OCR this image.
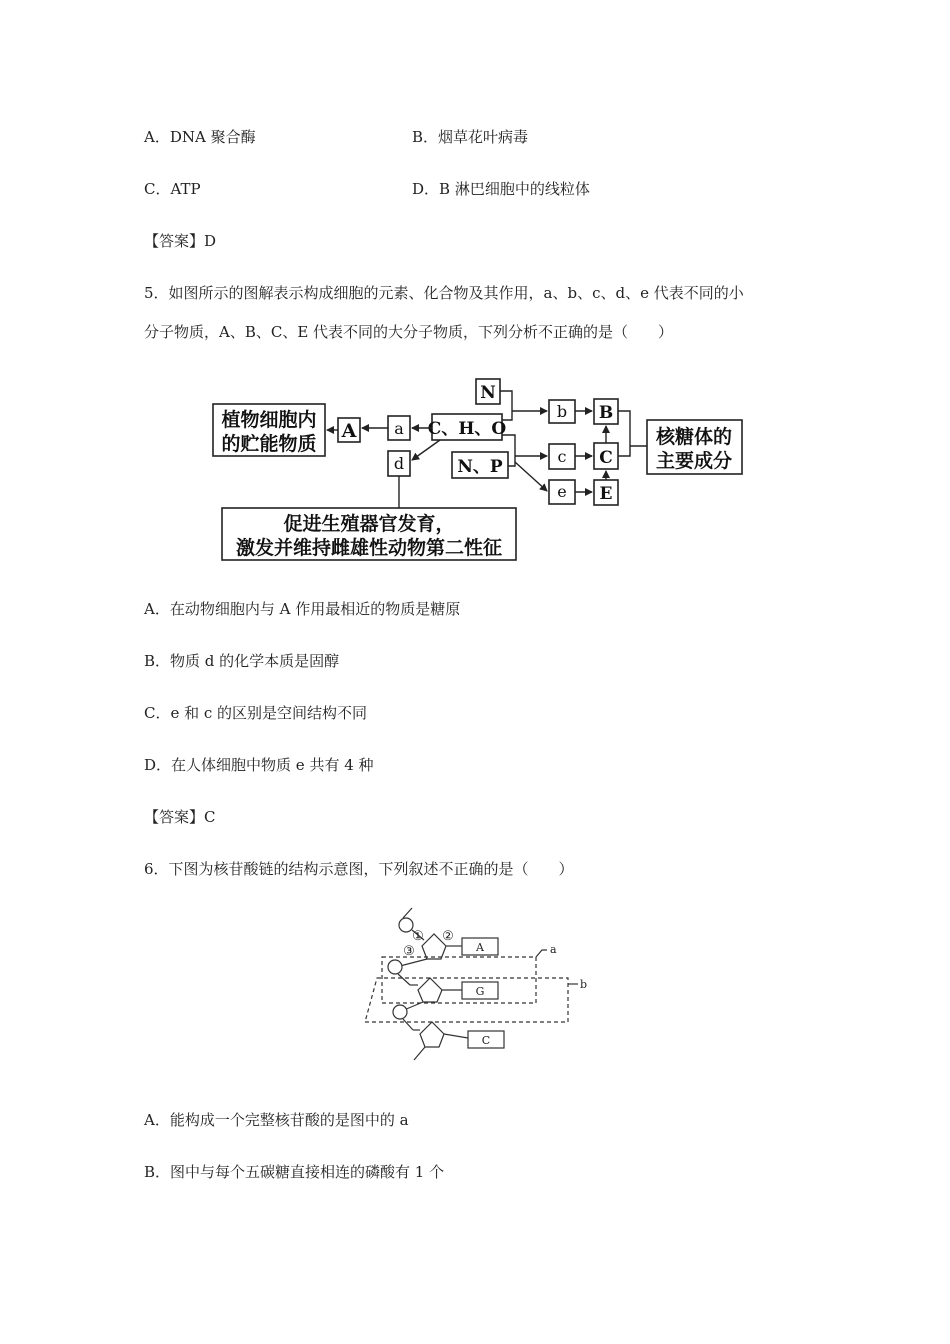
A．DNA 聚合酶	B．烟草花叶病毒
C．ATP	D．B 淋巴细胞中的线粒体
【答案】D
5．如图所示的图解表示构成细胞的元素、化合物及其作用，a、b、c、d、e 代表不同的小
分子物质，A、B、C、E 代表不同的大分子物质，下列分析不正确的是（　　）
植物细胞内
的贮能物质
A a C、H、O
d
N
N、P
b
c
e
B
C
E
核糖体的
主要成分
促进生殖器官发育，
激发并维持雌雄性动物第二性征
A．在动物细胞内与 A 作用最相近的物质是糖原
B．物质 d 的化学本质是固醇
C．e 和 c 的区别是空间结构不同
D．在人体细胞中物质 e 共有 4 种
【答案】C
6．下图为核苷酸链的结构示意图，下列叙述不正确的是（　　）
① ②
③	A
G
C
a
b
A．能构成一个完整核苷酸的是图中的 a
B．图中与每个五碳糖直接相连的磷酸有 1 个
